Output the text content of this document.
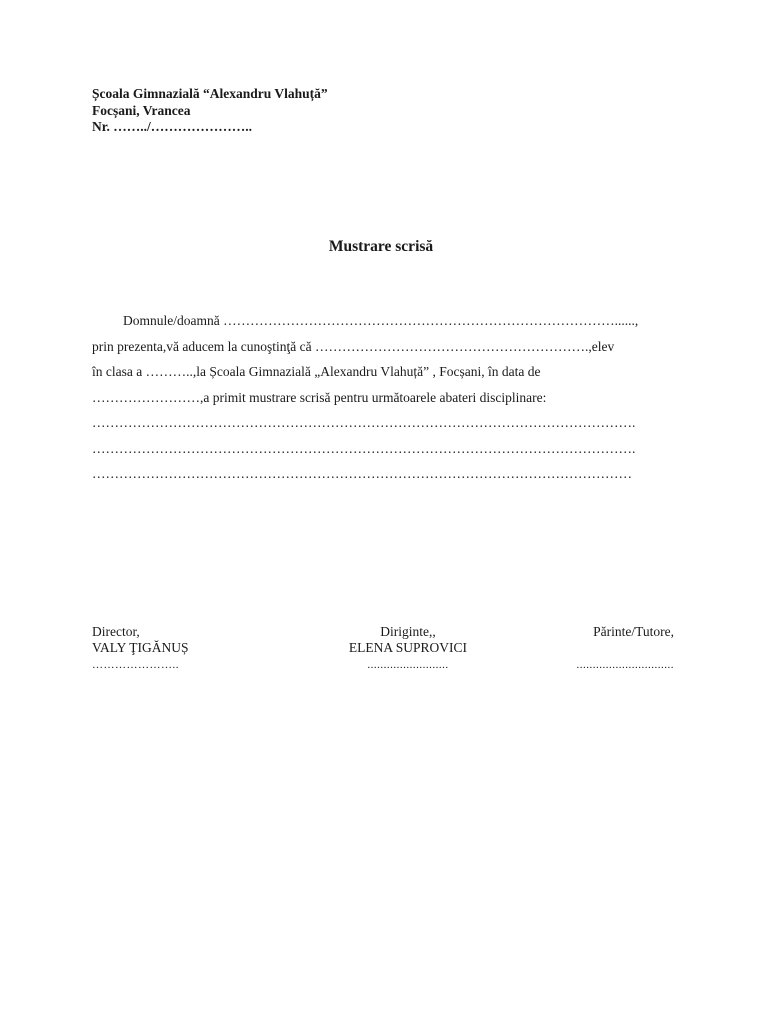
Școala Gimnazială “Alexandru Vlahuță”
Focșani, Vrancea
Nr. ……../…………………..
Mustrare scrisă
Domnule/doamnă ……………………………………………………………………………......,
prin prezenta,vă aducem la cunoştinţă că …………………………………………………….,elev
în clasa a ………..,la Școala Gimnazială „Alexandru Vlahuță” , Focșani, în data de
……………………,a primit mustrare scrisă pentru următoarele abateri disciplinare:
………………………………………………………………………………………………………….
………………………………………………………………………………………………………….
…………………………………………………………………………………………………………
Director,
VALY ŢIGĂNUȘ
…………………..
Diriginte,,
ELENA SUPROVICI
.........................
Părinte/Tutore,
..............................
